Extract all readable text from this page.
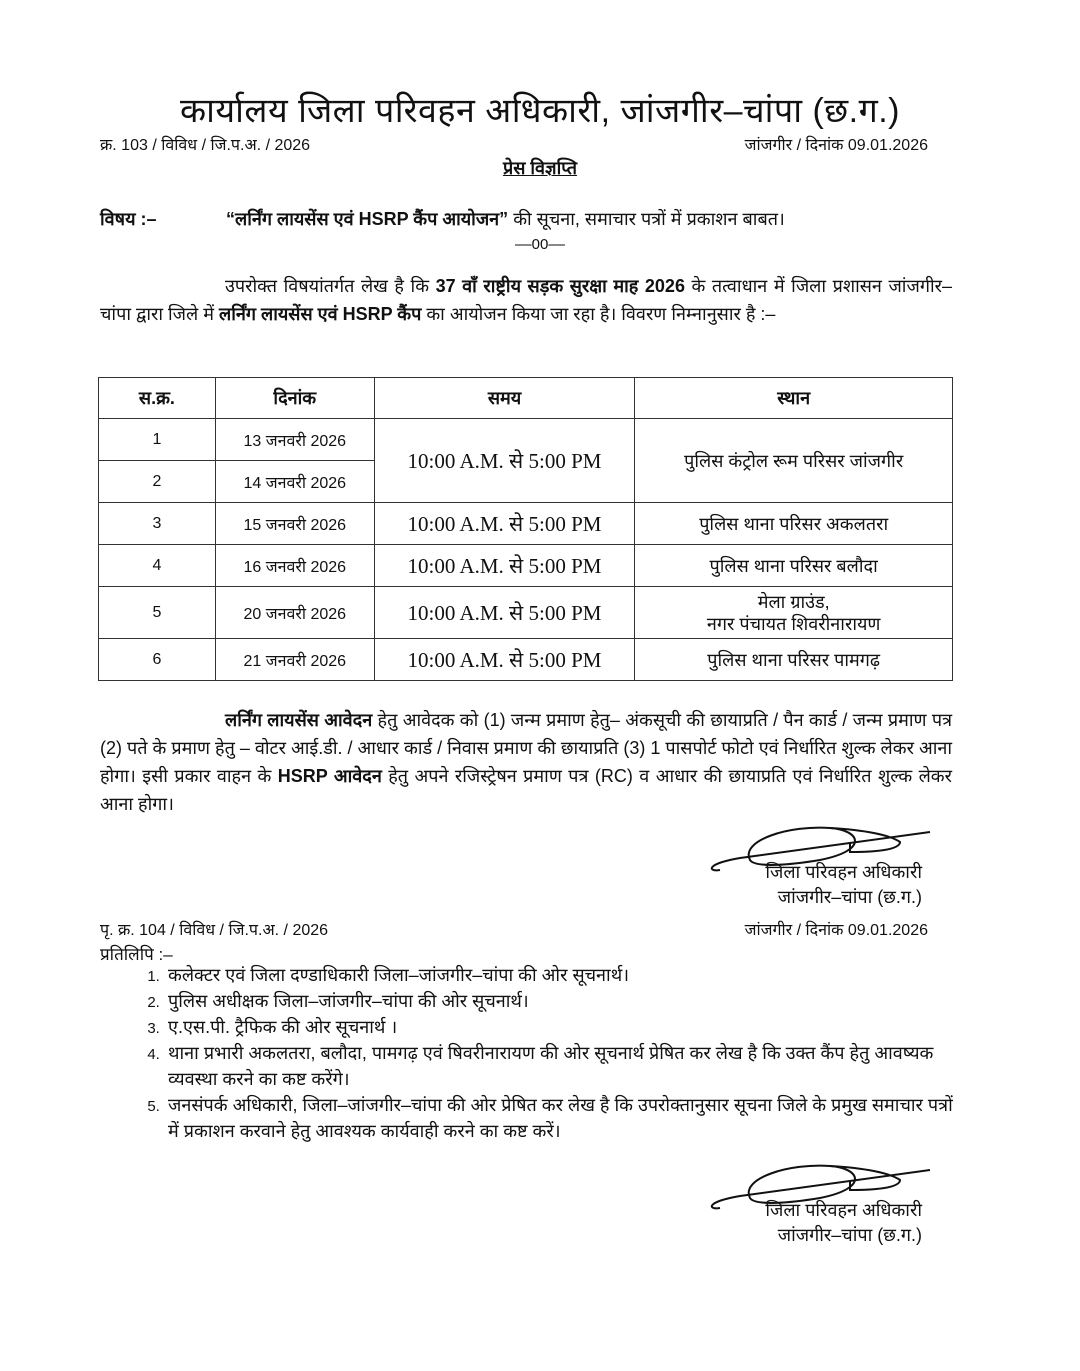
कार्यालय जिला परिवहन अधिकारी, जांजगीर–चांपा (छ.ग.)
क्र. 103 / विविध / जि.प.अ. / 2026	जांजगीर / दिनांक 09.01.2026
प्रेस विज्ञप्ति
विषय :–	“लर्निंग लायसेंस एवं HSRP कैंप आयोजन” की सूचना, समाचार पत्रों में प्रकाशन बाबत।
––00––
उपरोक्त विषयांतर्गत लेख है कि 37 वॉं राष्ट्रीय सड़क सुरक्षा माह 2026 के तत्वाधान में जिला प्रशासन जांजगीर–चांपा द्वारा जिले में लर्निंग लायसेंस एवं HSRP कैंप का आयोजन किया जा रहा है। विवरण निम्नानुसार है :–
स.क्र.	दिनांक	समय	स्थान
1	13 जनवरी 2026	10:00 A.M. से 5:00 PM	पुलिस कंट्रोल रूम परिसर जांजगीर
2	14 जनवरी 2026		
3	15 जनवरी 2026	10:00 A.M. से 5:00 PM	पुलिस थाना परिसर अकलतरा
4	16 जनवरी 2026	10:00 A.M. से 5:00 PM	पुलिस थाना परिसर बलौदा
5	20 जनवरी 2026	10:00 A.M. से 5:00 PM	मेला ग्राउंड,
नगर पंचायत शिवरीनारायण

6	21 जनवरी 2026	10:00 A.M. से 5:00 PM	पुलिस थाना परिसर पामगढ़
लर्निंग लायसेंस आवेदन हेतु आवेदक को (1) जन्म प्रमाण हेतु– अंकसूची की छायाप्रति / पैन कार्ड / जन्म प्रमाण पत्र (2) पते के प्रमाण हेतु – वोटर आई.डी. / आधार कार्ड / निवास प्रमाण की छायाप्रति (3) 1 पासपोर्ट फोटो एवं निर्धारित शुल्क लेकर आना होगा। इसी प्रकार वाहन के HSRP आवेदन हेतु अपने रजिस्ट्रेषन प्रमाण पत्र (RC) व आधार की छायाप्रति एवं निर्धारित शुल्क लेकर आना होगा।
जिला परिवहन अधिकारी
जांजगीर–चांपा (छ.ग.)
पृ. क्र. 104 / विविध / जि.प.अ. / 2026	जांजगीर / दिनांक 09.01.2026
प्रतिलिपि :–
1. कलेक्टर एवं जिला दण्डाधिकारी जिला–जांजगीर–चांपा की ओर सूचनार्थ।
2. पुलिस अधीक्षक जिला–जांजगीर–चांपा की ओर सूचनार्थ।
3. ए.एस.पी. ट्रैफिक की ओर सूचनार्थ ।
4. थाना प्रभारी अकलतरा, बलौदा, पामगढ़ एवं षिवरीनारायण की ओर सूचनार्थ प्रेषित कर लेख है कि उक्त कैंप हेतु आवष्यक व्यवस्था करने का कष्ट करेंगे।
5. जनसंपर्क अधिकारी, जिला–जांजगीर–चांपा की ओर प्रेषित कर लेख है कि उपरोक्तानुसार सूचना जिले के प्रमुख समाचार पत्रों में प्रकाशन करवाने हेतु आवश्यक कार्यवाही करने का कष्ट करें।
जिला परिवहन अधिकारी
जांजगीर–चांपा (छ.ग.)
